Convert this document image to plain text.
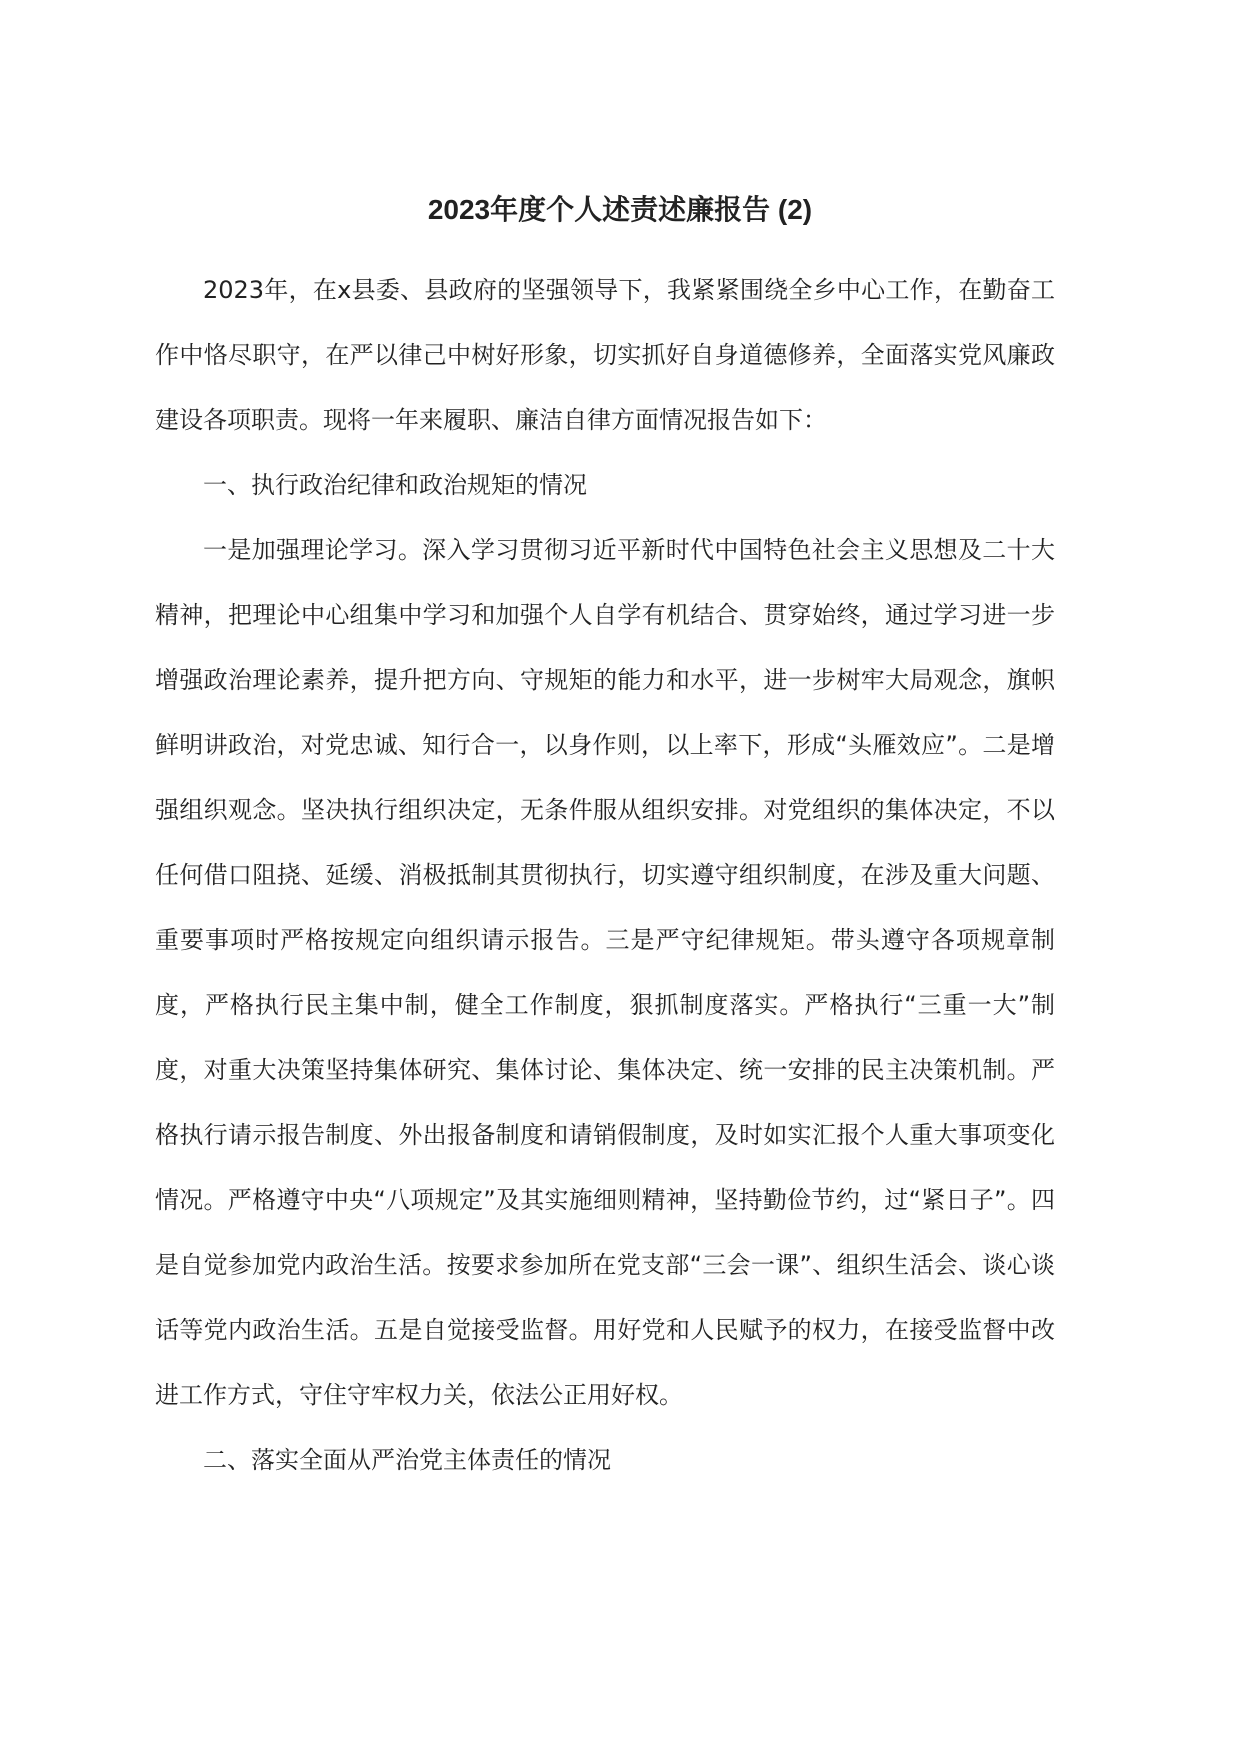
2023年度个人述责述廉报告 (2)

2023年，在x县委、县政府的坚强领导下，我紧紧围绕全乡中心工作，在勤奋工作中恪尽职守，在严以律己中树好形象，切实抓好自身道德修养，全面落实党风廉政建设各项职责。现将一年来履职、廉洁自律方面情况报告如下：

一、执行政治纪律和政治规矩的情况

一是加强理论学习。深入学习贯彻习近平新时代中国特色社会主义思想及二十大精神，把理论中心组集中学习和加强个人自学有机结合、贯穿始终，通过学习进一步增强政治理论素养，提升把方向、守规矩的能力和水平，进一步树牢大局观念，旗帜鲜明讲政治，对党忠诚、知行合一，以身作则，以上率下，形成“头雁效应”。二是增强组织观念。坚决执行组织决定，无条件服从组织安排。对党组织的集体决定，不以任何借口阻挠、延缓、消极抵制其贯彻执行，切实遵守组织制度，在涉及重大问题、重要事项时严格按规定向组织请示报告。三是严守纪律规矩。带头遵守各项规章制度，严格执行民主集中制，健全工作制度，狠抓制度落实。严格执行“三重一大”制度，对重大决策坚持集体研究、集体讨论、集体决定、统一安排的民主决策机制。严格执行请示报告制度、外出报备制度和请销假制度，及时如实汇报个人重大事项变化情况。严格遵守中央“八项规定”及其实施细则精神，坚持勤俭节约，过“紧日子”。四是自觉参加党内政治生活。按要求参加所在党支部“三会一课”、组织生活会、谈心谈话等党内政治生活。五是自觉接受监督。用好党和人民赋予的权力，在接受监督中改进工作方式，守住守牢权力关，依法公正用好权。

二、落实全面从严治党主体责任的情况
